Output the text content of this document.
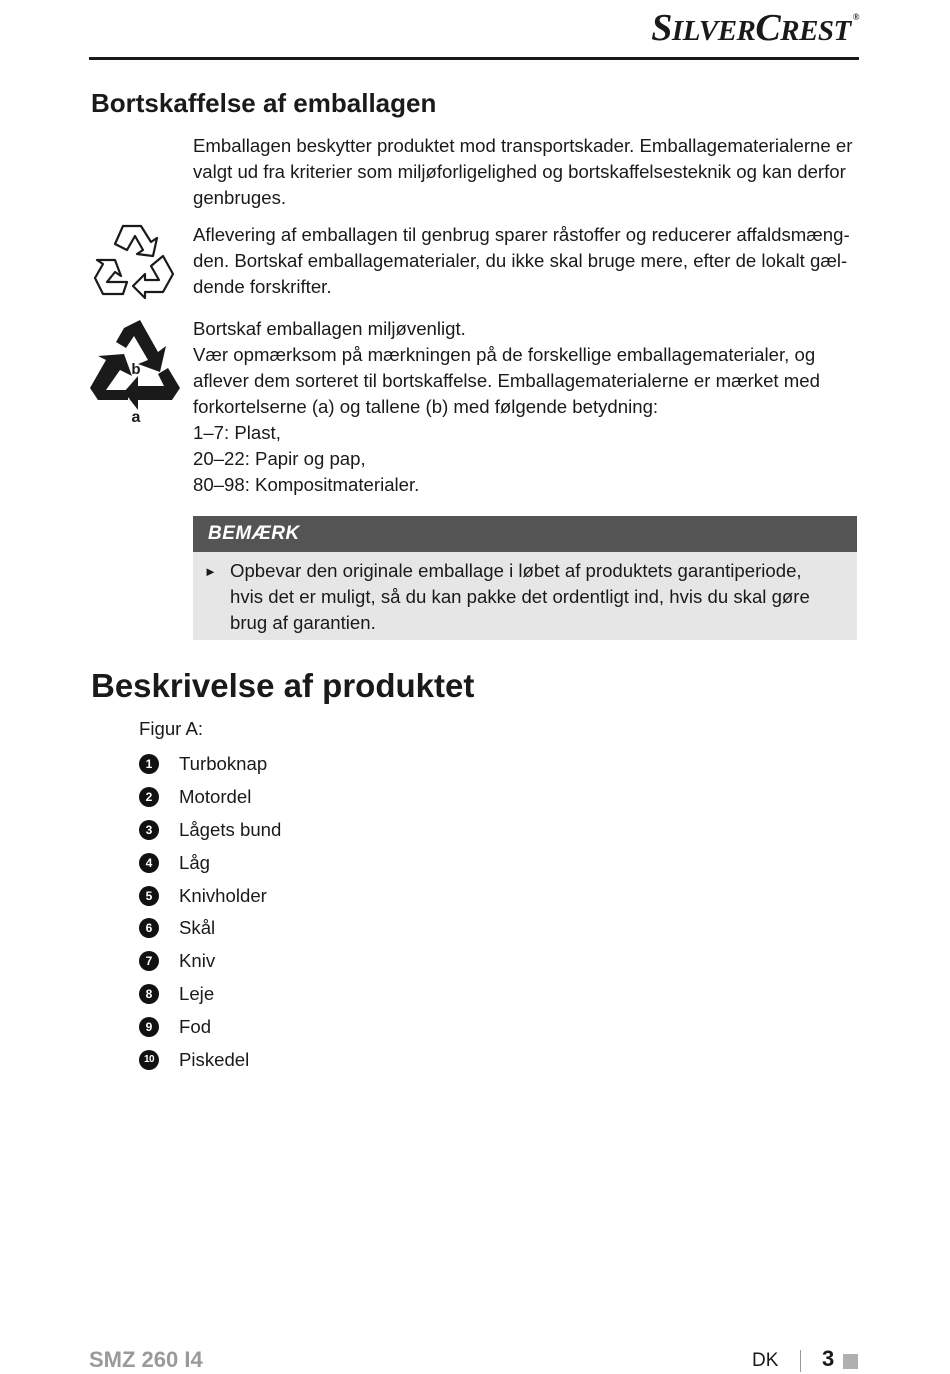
SILVERCREST ®
Bortskaffelse af emballagen

Emballagen beskytter produktet mod transportskader. Emballagematerialerne er valgt ud fra kriterier som miljøforligelighed og bortskaffelsesteknik og kan derfor genbruges.

Aflevering af emballagen til genbrug sparer råstoffer og reducerer affaldsmæng-den. Bortskaf emballagematerialer, du ikke skal bruge mere, efter de lokalt gæl-dende forskrifter.

b
a

Bortskaf emballagen miljøvenligt.

Vær opmærksom på mærkningen på de forskellige emballagematerialer, og aflever dem sorteret til bortskaffelse. Emballagematerialerne er mærket med forkortelserne (a) og tallene (b) med følgende betydning:

1–7: Plast,

20–22: Papir og pap,

80–98: Kompositmaterialer.

BEMÆRK
► Opbevar den originale emballage i løbet af produktets garantiperiode, hvis det er muligt, så du kan pakke det ordentligt ind, hvis du skal gøre brug af garantien.
Beskrivelse af produktet
Figur A:
1	Turboknap
2	Motordel
3	Lågets bund
4	Låg
5	Knivholder
6	Skål
7	Kniv
8	Leje
9	Fod
10 Piskedel
SMZ 260 I4	DK 3
